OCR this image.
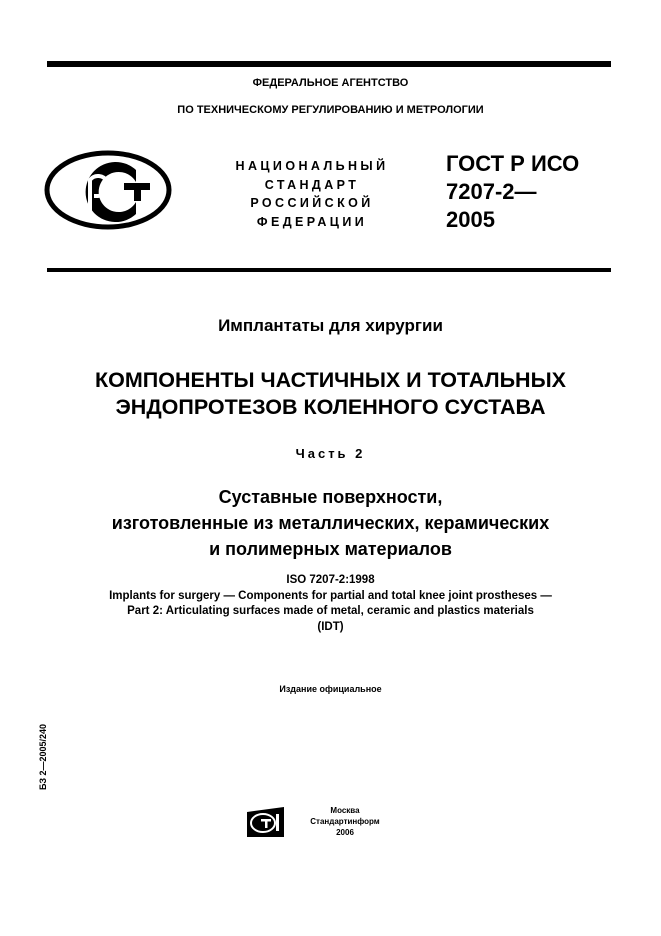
ФЕДЕРАЛЬНОЕ АГЕНТСТВО
ПО ТЕХНИЧЕСКОМУ РЕГУЛИРОВАНИЮ И МЕТРОЛОГИИ
НАЦИОНАЛЬНЫЙ
СТАНДАРТ
РОССИЙСКОЙ
ФЕДЕРАЦИИ
ГОСТ Р ИСО
7207-2—
2005
Имплантаты для хирургии
КОМПОНЕНТЫ ЧАСТИЧНЫХ И ТОТАЛЬНЫХ
ЭНДОПРОТЕЗОВ КОЛЕННОГО СУСТАВА
Часть 2
Суставные поверхности,
изготовленные из металлических, керамических
и полимерных материалов
ISO 7207-2:1998
Implants for surgery — Components for partial and total knee joint prostheses —
Part 2: Articulating surfaces made of metal, ceramic and plastics materials
(IDT)
Издание официальное
БЗ 2—2005/240
Москва
Стандартинформ
2006
